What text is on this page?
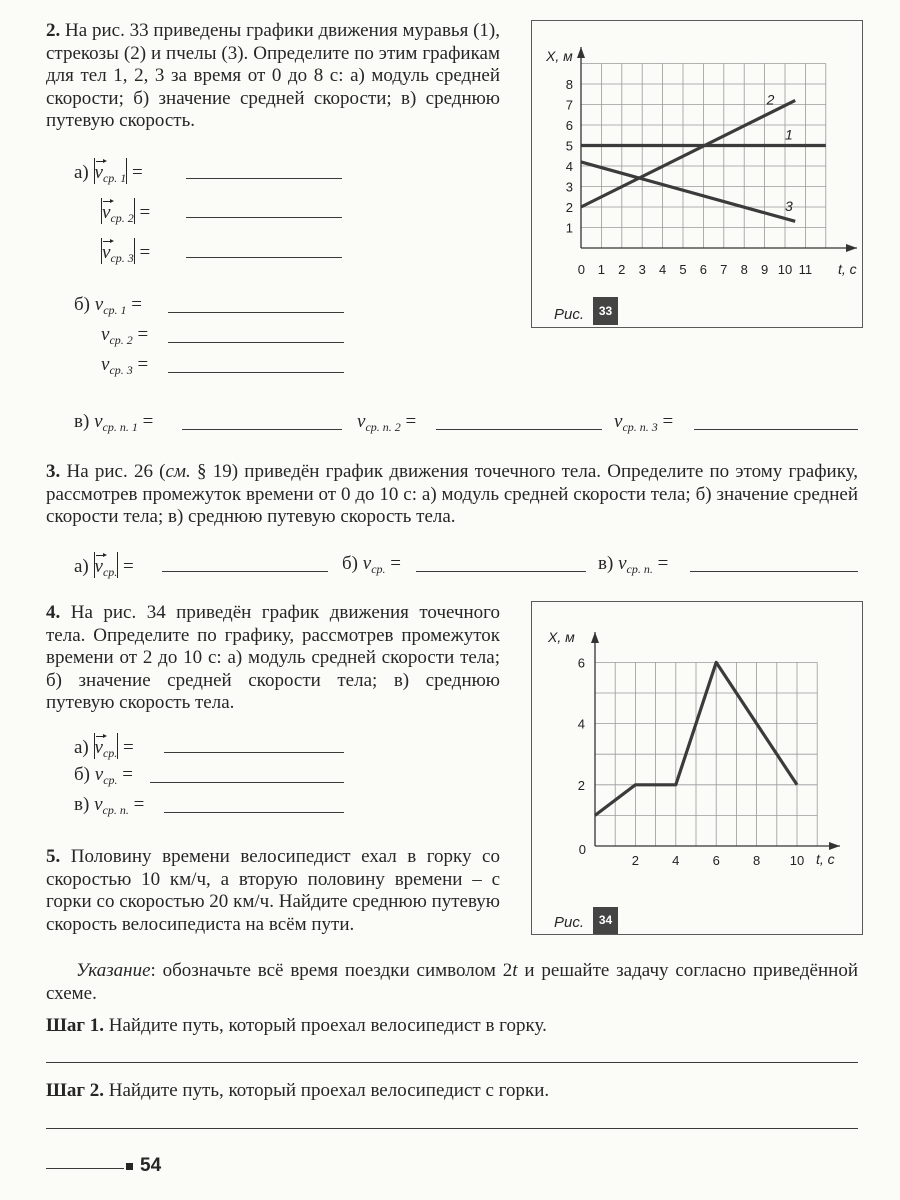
2. На рис. 33 приведены графики движения муравья (1), стрекозы (2) и пчелы (3). Определите по этим графикам для тел 1, 2, 3 за время от 0 до 8 с: а) модуль средней скорости; б) значение средней скорости; в) среднюю путевую скорость.

1 2 3 4 5 6 7 8 9 10 11
1
2
3
4
5
6
7
8
0
X, м
t, с
1
2
3
Рис.	33
а) $v_{ср. 1}$ =
$v_{ср. 2}$ =
$v_{ср. 3}$ =
б) $v_{ср. 1}$ =
$v_{ср. 2}$ =
$v_{ср. 3}$ =
в) $v_{ср. п. 1}$ =	$v_{ср. п. 2}$ =	$v_{ср. п. 3}$ =

3. На рис. 26 (см. § 19) приведён график движения точечного тела. Определите по этому графику, рассмотрев промежуток времени от 0 до 10 с: а) модуль средней скорости тела; б) значение средней скорости тела; в) среднюю путевую скорость тела.

а) $v_{ср.}$ =	б) $v_{ср.}$ =	в) $v_{ср. п.}$ =

4. На рис. 34 приведён график движения точечного тела. Определите по графику, рассмотрев промежуток времени от 2 до 10 с: а) модуль средней скорости тела; б) значение средней скорости тела; в) среднюю путевую скорость тела.

2	4	6	8 10
2
4
6
0
X, м
t, с
Рис.	34
а) $v_{ср.}$ =
б) $v_{ср.}$ =
в) $v_{ср. п.}$ =

5. Половину времени велосипедист ехал в горку со скоростью 10 км/ч, а вторую половину времени – с горки со скоростью 20 км/ч. Найдите среднюю путевую скорость велосипедиста на всём пути.

Указание: обозначьте всё время поездки символом 2t и решайте задачу согласно приведённой схеме.

Шаг 1. Найдите путь, который проехал велосипедист в горку.

Шаг 2. Найдите путь, который проехал велосипедист с горки.

54
